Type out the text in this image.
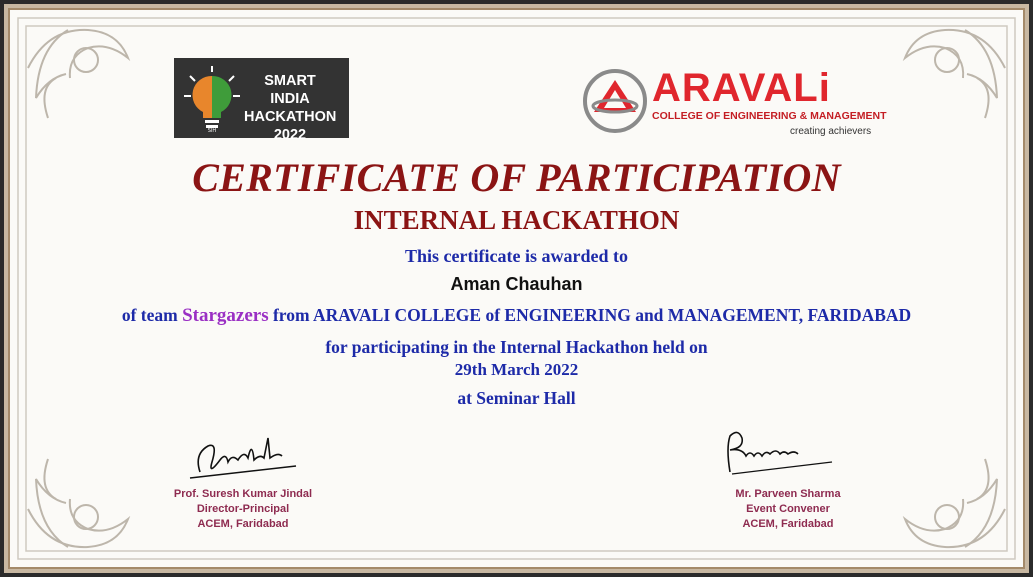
SIH
SMART INDIA
HACKATHON
2022
ARAVALi
COLLEGE OF ENGINEERING & MANAGEMENT
creating achievers
CERTIFICATE OF PARTICIPATION
INTERNAL HACKATHON
This certificate is awarded to
Aman Chauhan
of team Stargazers from ARAVALI COLLEGE of ENGINEERING and MANAGEMENT, FARIDABAD
for participating in the Internal Hackathon held on
29th March 2022
at Seminar Hall
Prof. Suresh Kumar Jindal
Director-Principal
ACEM, Faridabad
Mr. Parveen Sharma
Event Convener
ACEM, Faridabad
